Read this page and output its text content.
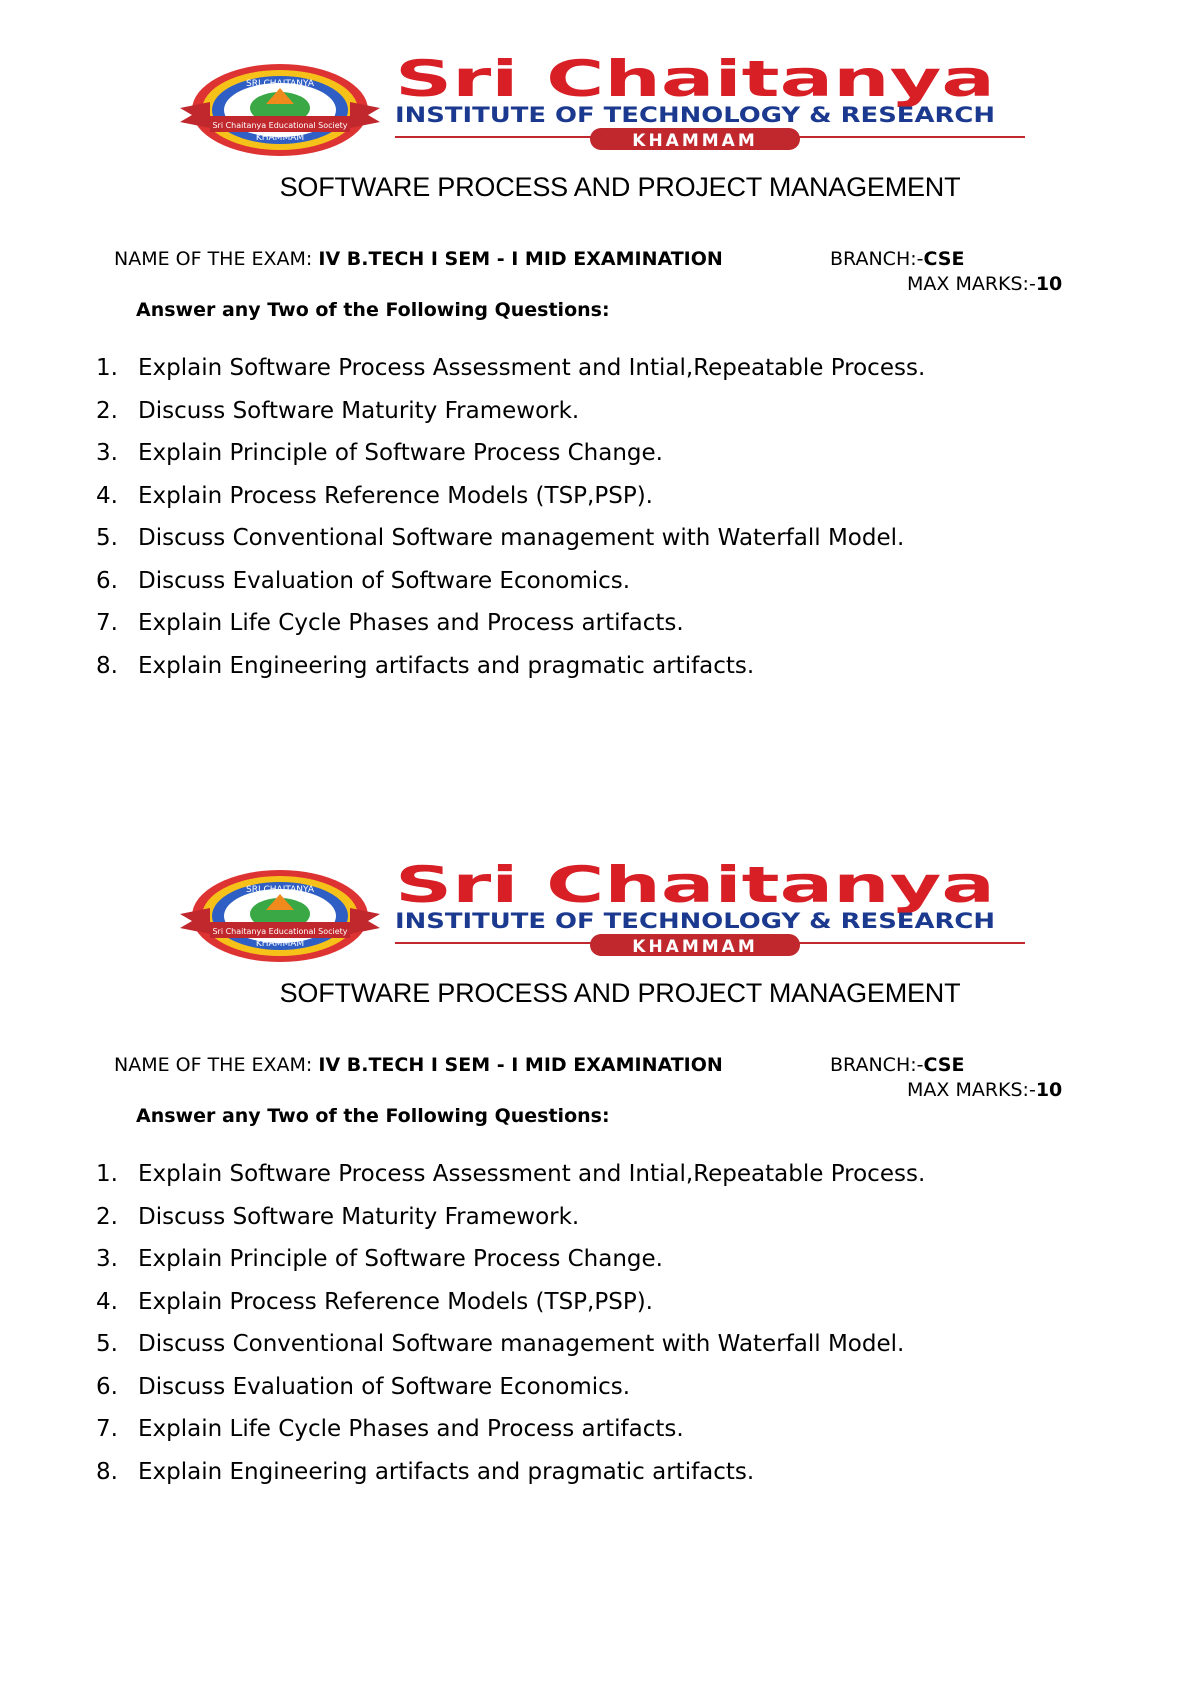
SRI CHAITANYA
KHAMMAM
Sri Chaitanya Educational Society
Sri Chaitanya
INSTITUTE OF TECHNOLOGY & RESEARCH
KHAMMAM
SOFTWARE PROCESS AND PROJECT MANAGEMENT
NAME OF THE EXAM: IV B.TECH I SEM - I MID EXAMINATION	BRANCH:-CSE
MAX MARKS:-10
Answer any Two of the Following Questions:
1. Explain Software Process Assessment and Intial,Repeatable Process.
2. Discuss Software Maturity Framework.
3. Explain Principle of Software Process Change.
4. Explain Process Reference Models (TSP,PSP).
5. Discuss Conventional Software management with Waterfall Model.
6. Discuss Evaluation of Software Economics.
7. Explain Life Cycle Phases and Process artifacts.
8. Explain Engineering artifacts and pragmatic artifacts.
SRI CHAITANYA
KHAMMAM
Sri Chaitanya Educational Society
Sri Chaitanya
INSTITUTE OF TECHNOLOGY & RESEARCH
KHAMMAM
SOFTWARE PROCESS AND PROJECT MANAGEMENT
NAME OF THE EXAM: IV B.TECH I SEM - I MID EXAMINATION	BRANCH:-CSE
MAX MARKS:-10
Answer any Two of the Following Questions:
1. Explain Software Process Assessment and Intial,Repeatable Process.
2. Discuss Software Maturity Framework.
3. Explain Principle of Software Process Change.
4. Explain Process Reference Models (TSP,PSP).
5. Discuss Conventional Software management with Waterfall Model.
6. Discuss Evaluation of Software Economics.
7. Explain Life Cycle Phases and Process artifacts.
8. Explain Engineering artifacts and pragmatic artifacts.
